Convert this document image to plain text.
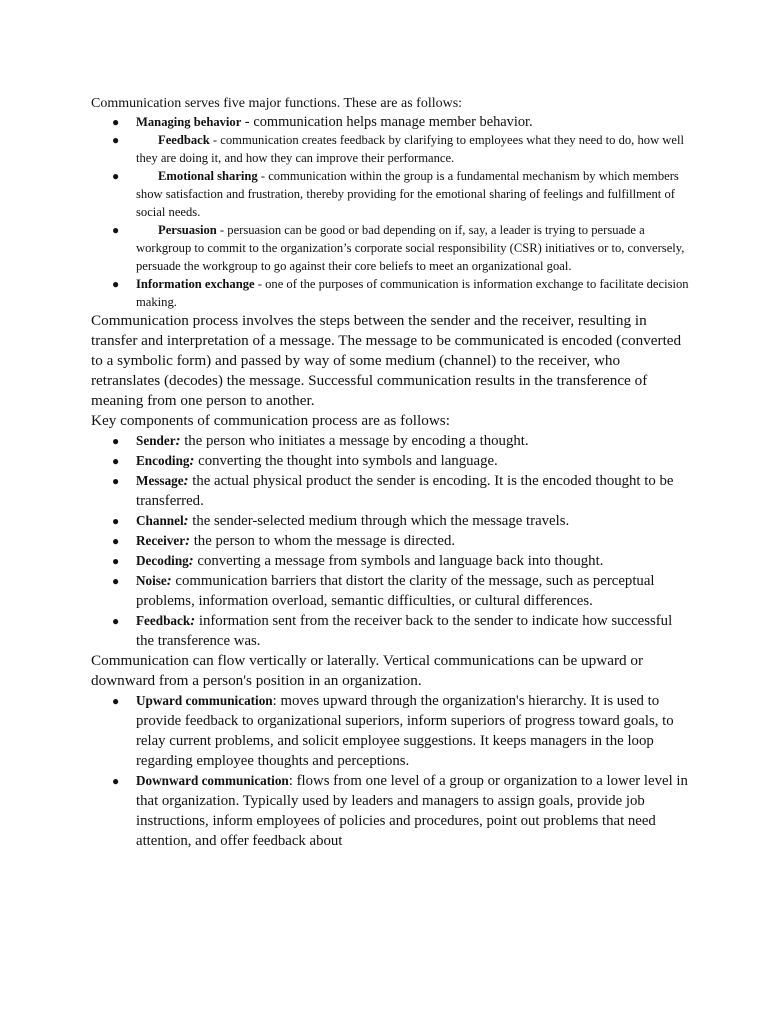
Communication serves five major functions. These are as follows:

● Managing behavior - communication helps manage member behavior.
●	Feedback - communication creates feedback by clarifying to employees what they need to do, how well they are doing it, and how they can improve their performance.
●	Emotional sharing - communication within the group is a fundamental mechanism by which members show satisfaction and frustration, thereby providing for the emotional sharing of feelings and fulfillment of social needs.
●	Persuasion - persuasion can be good or bad depending on if, say, a leader is trying to persuade a workgroup to commit to the organization’s corporate social responsibility (CSR) initiatives or to, conversely, persuade the workgroup to go against their core beliefs to meet an organizational goal.
● Information exchange - one of the purposes of communication is information exchange to facilitate decision making.

Communication process involves the steps between the sender and the receiver, resulting in transfer and interpretation of a message. The message to be communicated is encoded (converted to a symbolic form) and passed by way of some medium (channel) to the receiver, who retranslates (decodes) the message. Successful communication results in the transference of meaning from one person to another.

Key components of communication process are as follows:

● Sender: the person who initiates a message by encoding a thought.
● Encoding: converting the thought into symbols and language.
● Message: the actual physical product the sender is encoding. It is the encoded thought to be transferred.
● Channel: the sender-selected medium through which the message travels.
● Receiver: the person to whom the message is directed.
● Decoding: converting a message from symbols and language back into thought.
● Noise: communication barriers that distort the clarity of the message, such as perceptual problems, information overload, semantic difficulties, or cultural differences.
● Feedback: information sent from the receiver back to the sender to indicate how successful the transference was.

Communication can flow vertically or laterally. Vertical communications can be upward or downward from a person's position in an organization.

● Upward communication: moves upward through the organization's hierarchy. It is used to provide feedback to organizational superiors, inform superiors of progress toward goals, to relay current problems, and solicit employee suggestions. It keeps managers in the loop regarding employee thoughts and perceptions.
● Downward communication: flows from one level of a group or organization to a lower level in that organization. Typically used by leaders and managers to assign goals, provide job instructions, inform employees of policies and procedures, point out problems that need attention, and offer feedback about
